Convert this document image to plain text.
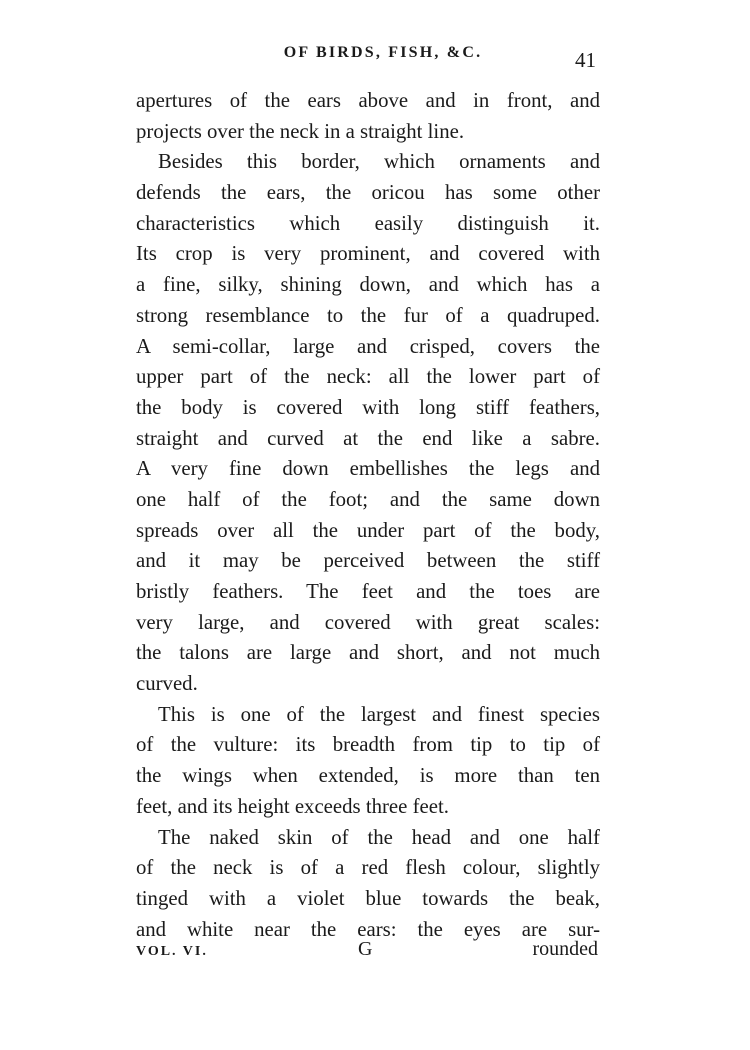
OF BIRDS, FISH, &C.	41
apertures of the ears above and in front, and
projects over the neck in a straight line.
Besides this border, which ornaments and
defends the ears, the oricou has some other
characteristics which easily distinguish it.
Its crop is very prominent, and covered with
a fine, silky, shining down, and which has a
strong resemblance to the fur of a quadruped.
A semi-collar, large and crisped, covers the
upper part of the neck: all the lower part of
the body is covered with long stiff feathers,
straight and curved at the end like a sabre.
A very fine down embellishes the legs and
one half of the foot; and the same down
spreads over all the under part of the body,
and it may be perceived between the stiff
bristly feathers. The feet and the toes are
very large, and covered with great scales:
the talons are large and short, and not much
curved.
This is one of the largest and finest species
of the vulture: its breadth from tip to tip of
the wings when extended, is more than ten
feet, and its height exceeds three feet.
The naked skin of the head and one half
of the neck is of a red flesh colour, slightly
tinged with a violet blue towards the beak,
and white near the ears: the eyes are sur-
VOL. VI.	G	rounded
